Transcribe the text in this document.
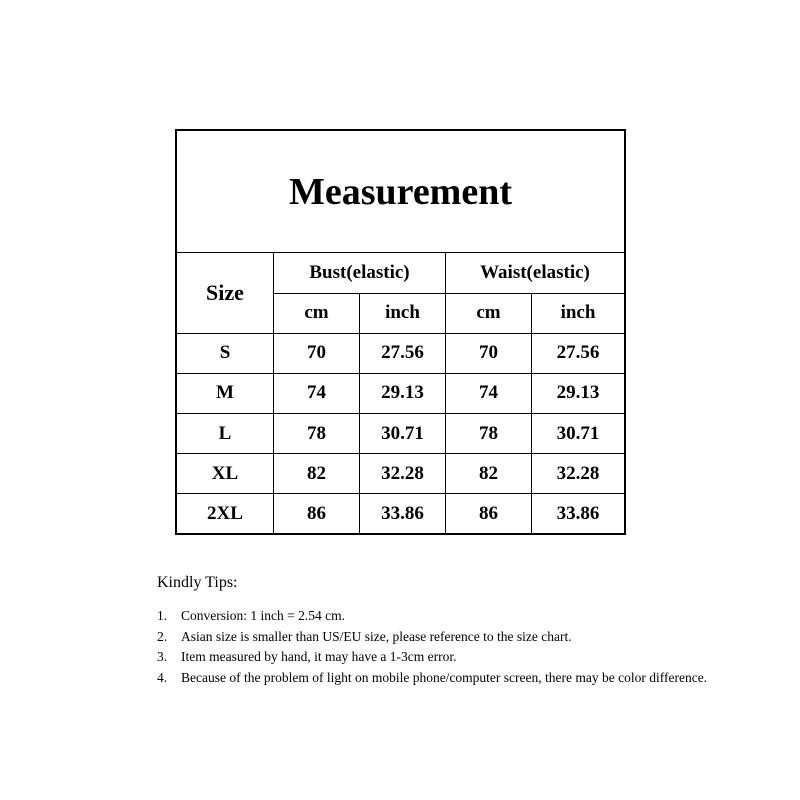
Measurement				
Size	Bust(elastic)		Waist(elastic)	
	cm	inch	cm	inch
S	70	27.56	70	27.56
M	74	29.13	74	29.13
L	78	30.71	78	30.71
XL	82	32.28	82	32.28
2XL	86	33.86	86	33.86
Kindly Tips:
1.	Conversion: 1 inch = 2.54 cm.
2.	Asian size is smaller than US/EU size, please reference to the size chart.
3.	Item measured by hand, it may have a 1-3cm error.
4.	Because of the problem of light on mobile phone/computer screen, there may be color difference.
